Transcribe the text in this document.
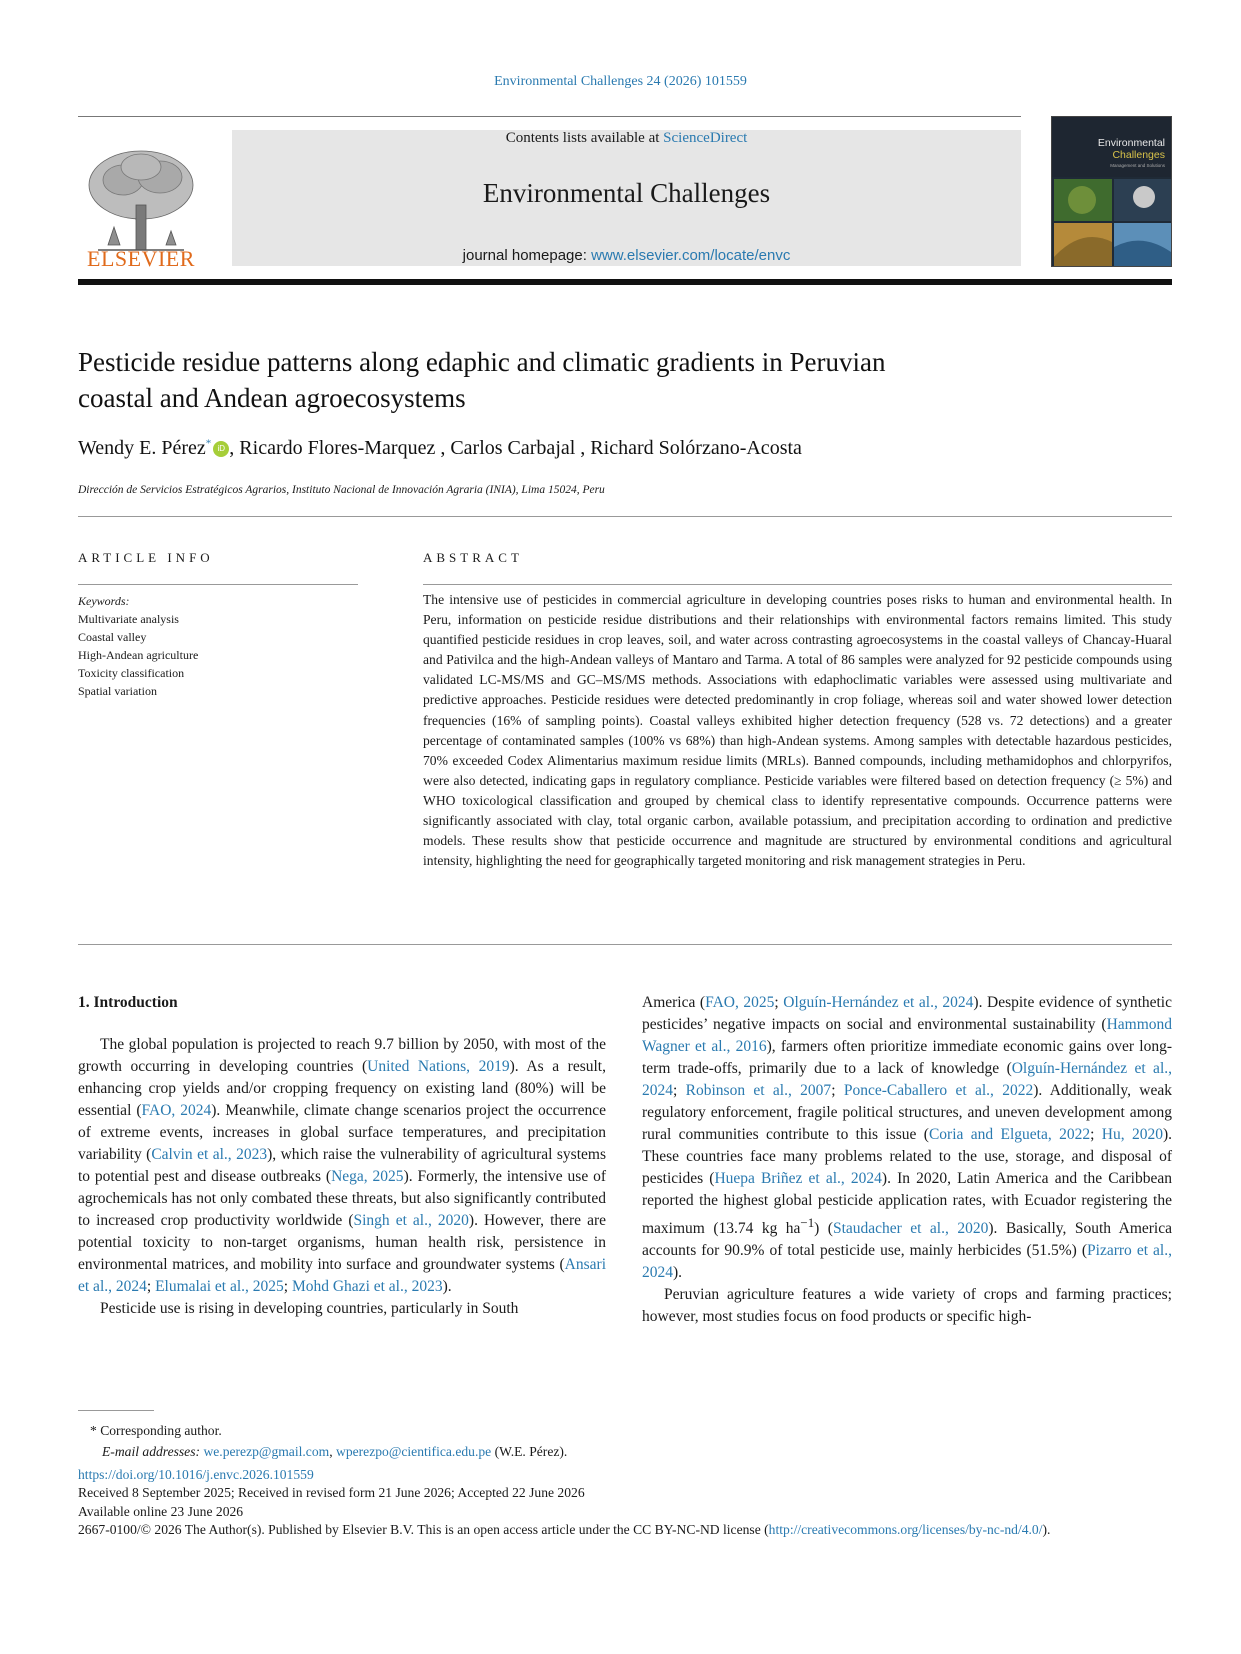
Environmental Challenges 24 (2026) 101559
ELSEVIER
Contents lists available at ScienceDirect
Environmental Challenges
journal homepage: www.elsevier.com/locate/envc
Environmental
Challenges
Management and Solutions
Pesticide residue patterns along edaphic and climatic gradients in Peruvian
coastal and Andean agroecosystems
Wendy E. Pérez* iD , Ricardo Flores-Marquez , Carlos Carbajal , Richard Solórzano-Acosta
Dirección de Servicios Estratégicos Agrarios, Instituto Nacional de Innovación Agraria (INIA), Lima 15024, Peru
ARTICLE INFO
Keywords:
Multivariate analysis
Coastal valley
High-Andean agriculture
Toxicity classification
Spatial variation
ABSTRACT
The intensive use of pesticides in commercial agriculture in developing countries poses risks to human and environmental health. In Peru, information on pesticide residue distributions and their relationships with environmental factors remains limited. This study quantified pesticide residues in crop leaves, soil, and water across contrasting agroecosystems in the coastal valleys of Chancay-Huaral and Pativilca and the high-Andean valleys of Mantaro and Tarma. A total of 86 samples were analyzed for 92 pesticide compounds using validated LC-MS/MS and GC–MS/MS methods. Associations with edaphoclimatic variables were assessed using multivariate and predictive approaches. Pesticide residues were detected predominantly in crop foliage, whereas soil and water showed lower detection frequencies (16% of sampling points). Coastal valleys exhibited higher detection frequency (528 vs. 72 detections) and a greater percentage of contaminated samples (100% vs 68%) than high-Andean systems. Among samples with detectable hazardous pesticides, 70% exceeded Codex Alimentarius maximum residue limits (MRLs). Banned compounds, including methamidophos and chlorpyrifos, were also detected, indicating gaps in regulatory compliance. Pesticide variables were filtered based on detection frequency (≥ 5%) and WHO toxicological classification and grouped by chemical class to identify representative compounds. Occurrence patterns were significantly associated with clay, total organic carbon, available potassium, and precipitation according to ordination and predictive models. These results show that pesticide occurrence and magnitude are structured by environmental conditions and agricultural intensity, highlighting the need for geographically targeted monitoring and risk management strategies in Peru.
1. Introduction

The global population is projected to reach 9.7 billion by 2050, with most of the growth occurring in developing countries (United Nations, 2019). As a result, enhancing crop yields and/or cropping frequency on existing land (80%) will be essential (FAO, 2024). Meanwhile, climate change scenarios project the occurrence of extreme events, increases in global surface temperatures, and precipitation variability (Calvin et al., 2023), which raise the vulnerability of agricultural systems to potential pest and disease outbreaks (Nega, 2025). Formerly, the intensive use of agrochemicals has not only combated these threats, but also significantly contributed to increased crop productivity worldwide (Singh et al., 2020). However, there are potential toxicity to non-target organisms, human health risk, persistence in environmental matrices, and mobility into surface and groundwater systems (Ansari et al., 2024; Elumalai et al., 2025; Mohd Ghazi et al., 2023).

Pesticide use is rising in developing countries, particularly in South

America (FAO, 2025; Olguín-Hernández et al., 2024). Despite evidence of synthetic pesticides’ negative impacts on social and environmental sustainability (Hammond Wagner et al., 2016), farmers often prioritize immediate economic gains over long-term trade-offs, primarily due to a lack of knowledge (Olguín-Hernández et al., 2024; Robinson et al., 2007; Ponce-Caballero et al., 2022). Additionally, weak regulatory enforcement, fragile political structures, and uneven development among rural communities contribute to this issue (Coria and Elgueta, 2022; Hu, 2020). These countries face many problems related to the use, storage, and disposal of pesticides (Huepa Briñez et al., 2024). In 2020, Latin America and the Caribbean reported the highest global pesticide application rates, with Ecuador registering the maximum (13.74 kg $ha^{-1}$) (Staudacher et al., 2020). Basically, South America accounts for 90.9% of total pesticide use, mainly herbicides (51.5%) (Pizarro et al., 2024).

Peruvian agriculture features a wide variety of crops and farming practices; however, most studies focus on food products or specific high-

* Corresponding author.
E-mail addresses: we.perezp@gmail.com, wperezpo@cientifica.edu.pe (W.E. Pérez).
https://doi.org/10.1016/j.envc.2026.101559
Received 8 September 2025; Received in revised form 21 June 2026; Accepted 22 June 2026
Available online 23 June 2026
2667-0100/© 2026 The Author(s). Published by Elsevier B.V. This is an open access article under the CC BY-NC-ND license (http://creativecommons.org/licenses/by-nc-nd/4.0/).
